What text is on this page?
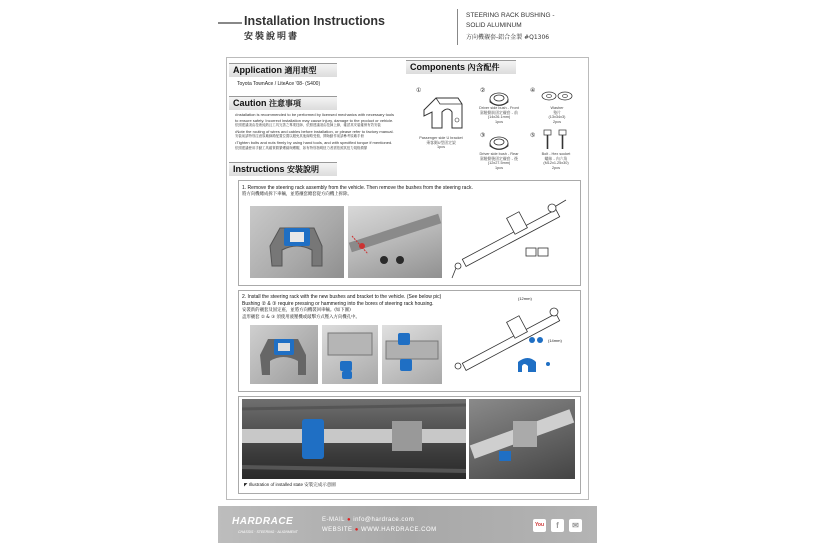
Installation Instructions
安裝說明書
STEERING RACK BUSHING -
SOLID ALUMINUM
方向機襯套-鋁合金製 #Q1306
Application 適用車型
Toyota TownAce / LiteAce '08- (S400)
Caution 注意事項
•Installation is recommended to be performed by licensed mechanics with necessary tools
to ensure safety. Incorrect installation may cause injury, damage to the product or vehicle.
依照建議須由技術純熟且工具完善之專業技師，依照建議須由技師上線，確認其安裝確保有效安裝
•Note the routing of wires and cables before installation, or please refer to factory manual.
安裝前請特別注意原廠線路配置位置以避免其他線路受損，開始動作前請參考原廠手冊
•Tighten bolts and nuts firmly by using hand tools, and with specified torque if mentioned.
依照建議使用手動工具確實鎖緊螺絲與螺帽，如有特別指明扭力者需依照其扭力規格鎖緊
Components 內含配件
①
Passenger side U bracket
乘客側U型固定架
1pcs
②
Driver side bush - Front
駕駛側前固定襯套 - 前
(14x26.1mm)
1pcs
③
Driver side bush - Rear
駕駛側後固定襯套 - 後
(12x27.5mm)
1pcs
④
Washer
墊片
(13x34x3)
2pcs
⑤
Bolt - Hex socket
螺絲 - 內六角
(M12x1.25x30)
2pcs
Instructions 安裝說明
1. Remove the steering rack assembly from the vehicle. Then remove the bushes from the steering rack.
將方向機總成拆下車輛，並將襯套總套從方向機上拆除。
2. Install the steering rack with the new bushes and bracket to the vehicle. (See below pic)
Bushing ② & ③ require pressing or hammering into the bores of steering rack housing.
安裝新的襯套及固定座，並將方向機裝回車輛。(如下圖)
盃形襯套 ② & ③ 須使用液壓機或敲擊方式壓入方向機孔中。
(12mm)
(14mm)
◤ Illustration of installed state 安裝完成示意圖
HARDRACE
CHASSIS · STEERING · ALIGNMENT
E-MAIL ● info@hardrace.com
WEBSITE ● WWW.HARDRACE.COM
You	f	✉
